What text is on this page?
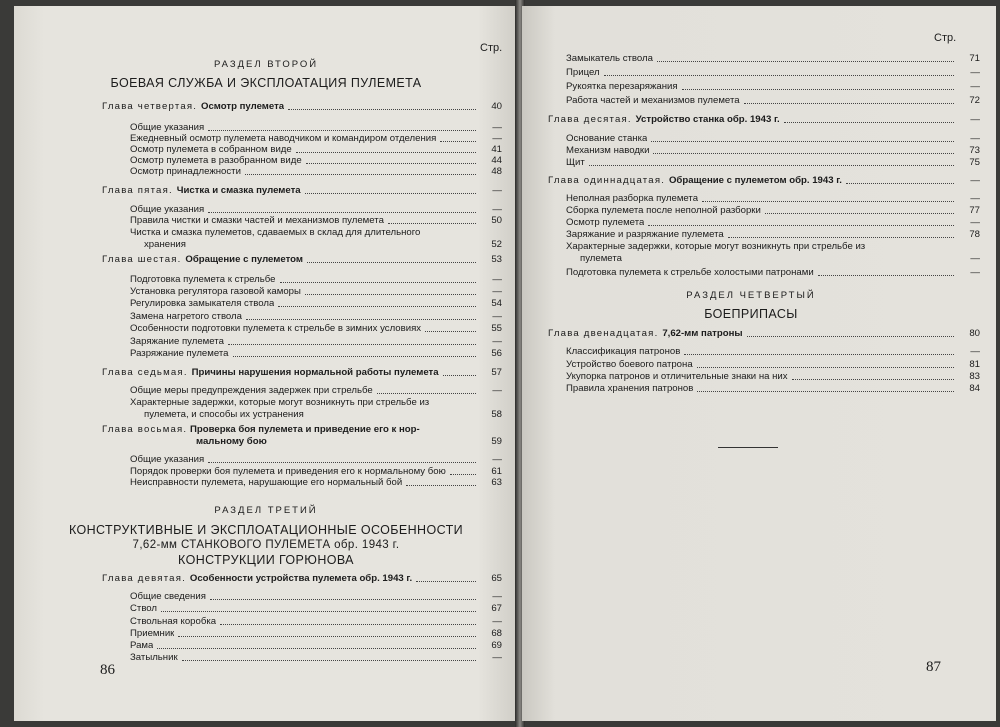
Стр.
РАЗДЕЛ ВТОРОЙ
БОЕВАЯ СЛУЖБА И ЭКСПЛОАТАЦИЯ ПУЛЕМЕТА
Глава четвертая. Осмотр пулемета	40
Общие указания	—
Ежедневный осмотр пулемета наводчиком и командиром отделения	—
Осмотр пулемета в собранном виде	41
Осмотр пулемета в разобранном виде	44
Осмотр принадлежности	48
Глава пятая. Чистка и смазка пулемета	—
Общие указания	—
Правила чистки и смазки частей и механизмов пулемета	50
Чистка и смазка пулеметов, сдаваемых в склад для длительного
хранения	52
Глава шестая. Обращение с пулеметом	53
Подготовка пулемета к стрельбе	—
Установка регулятора газовой каморы	—
Регулировка замыкателя ствола	54
Замена нагретого ствола	—
Особенности подготовки пулемета к стрельбе в зимних условиях	55
Заряжание пулемета	—
Разряжание пулемета	56
Глава седьмая. Причины нарушения нормальной работы пулемета	57
Общие меры предупреждения задержек при стрельбе	—
Характерные задержки, которые могут возникнуть при стрельбе из
пулемета, и способы их устранения	58
Глава восьмая. Проверка боя пулемета и приведение его к нор-
мальному бою	59
Общие указания	—
Порядок проверки боя пулемета и приведения его к нормальному бою	61
Неисправности пулемета, нарушающие его нормальный бой	63
РАЗДЕЛ ТРЕТИЙ
КОНСТРУКТИВНЫЕ И ЭКСПЛОАТАЦИОННЫЕ ОСОБЕННОСТИ
7,62-мм СТАНКОВОГО ПУЛЕМЕТА обр. 1943 г.
КОНСТРУКЦИИ ГОРЮНОВА
Глава девятая. Особенности устройства пулемета обр. 1943 г.	65
Общие сведения	—
Ствол	67
Ствольная коробка	—
Приемник	68
Рама	69
Затыльник	—
86
Стр.
Замыкатель ствола	71
Прицел	—
Рукоятка перезаряжания	—
Работа частей и механизмов пулемета	72
Глава десятая. Устройство станка обр. 1943 г.	—
Основание станка	—
Механизм наводки	73
Щит	75
Глава одиннадцатая. Обращение с пулеметом обр. 1943 г.	—
Неполная разборка пулемета	—
Сборка пулемета после неполной разборки	77
Осмотр пулемета	—
Заряжание и разряжание пулемета	78
Характерные задержки, которые могут возникнуть при стрельбе из
пулемета	—
Подготовка пулемета к стрельбе холостыми патронами	—
РАЗДЕЛ ЧЕТВЕРТЫЙ
БОЕПРИПАСЫ
Глава двенадцатая. 7,62-мм патроны	80
Классификация патронов	—
Устройство боевого патрона	81
Укупорка патронов и отличительные знаки на них	83
Правила хранения патронов	84
87
